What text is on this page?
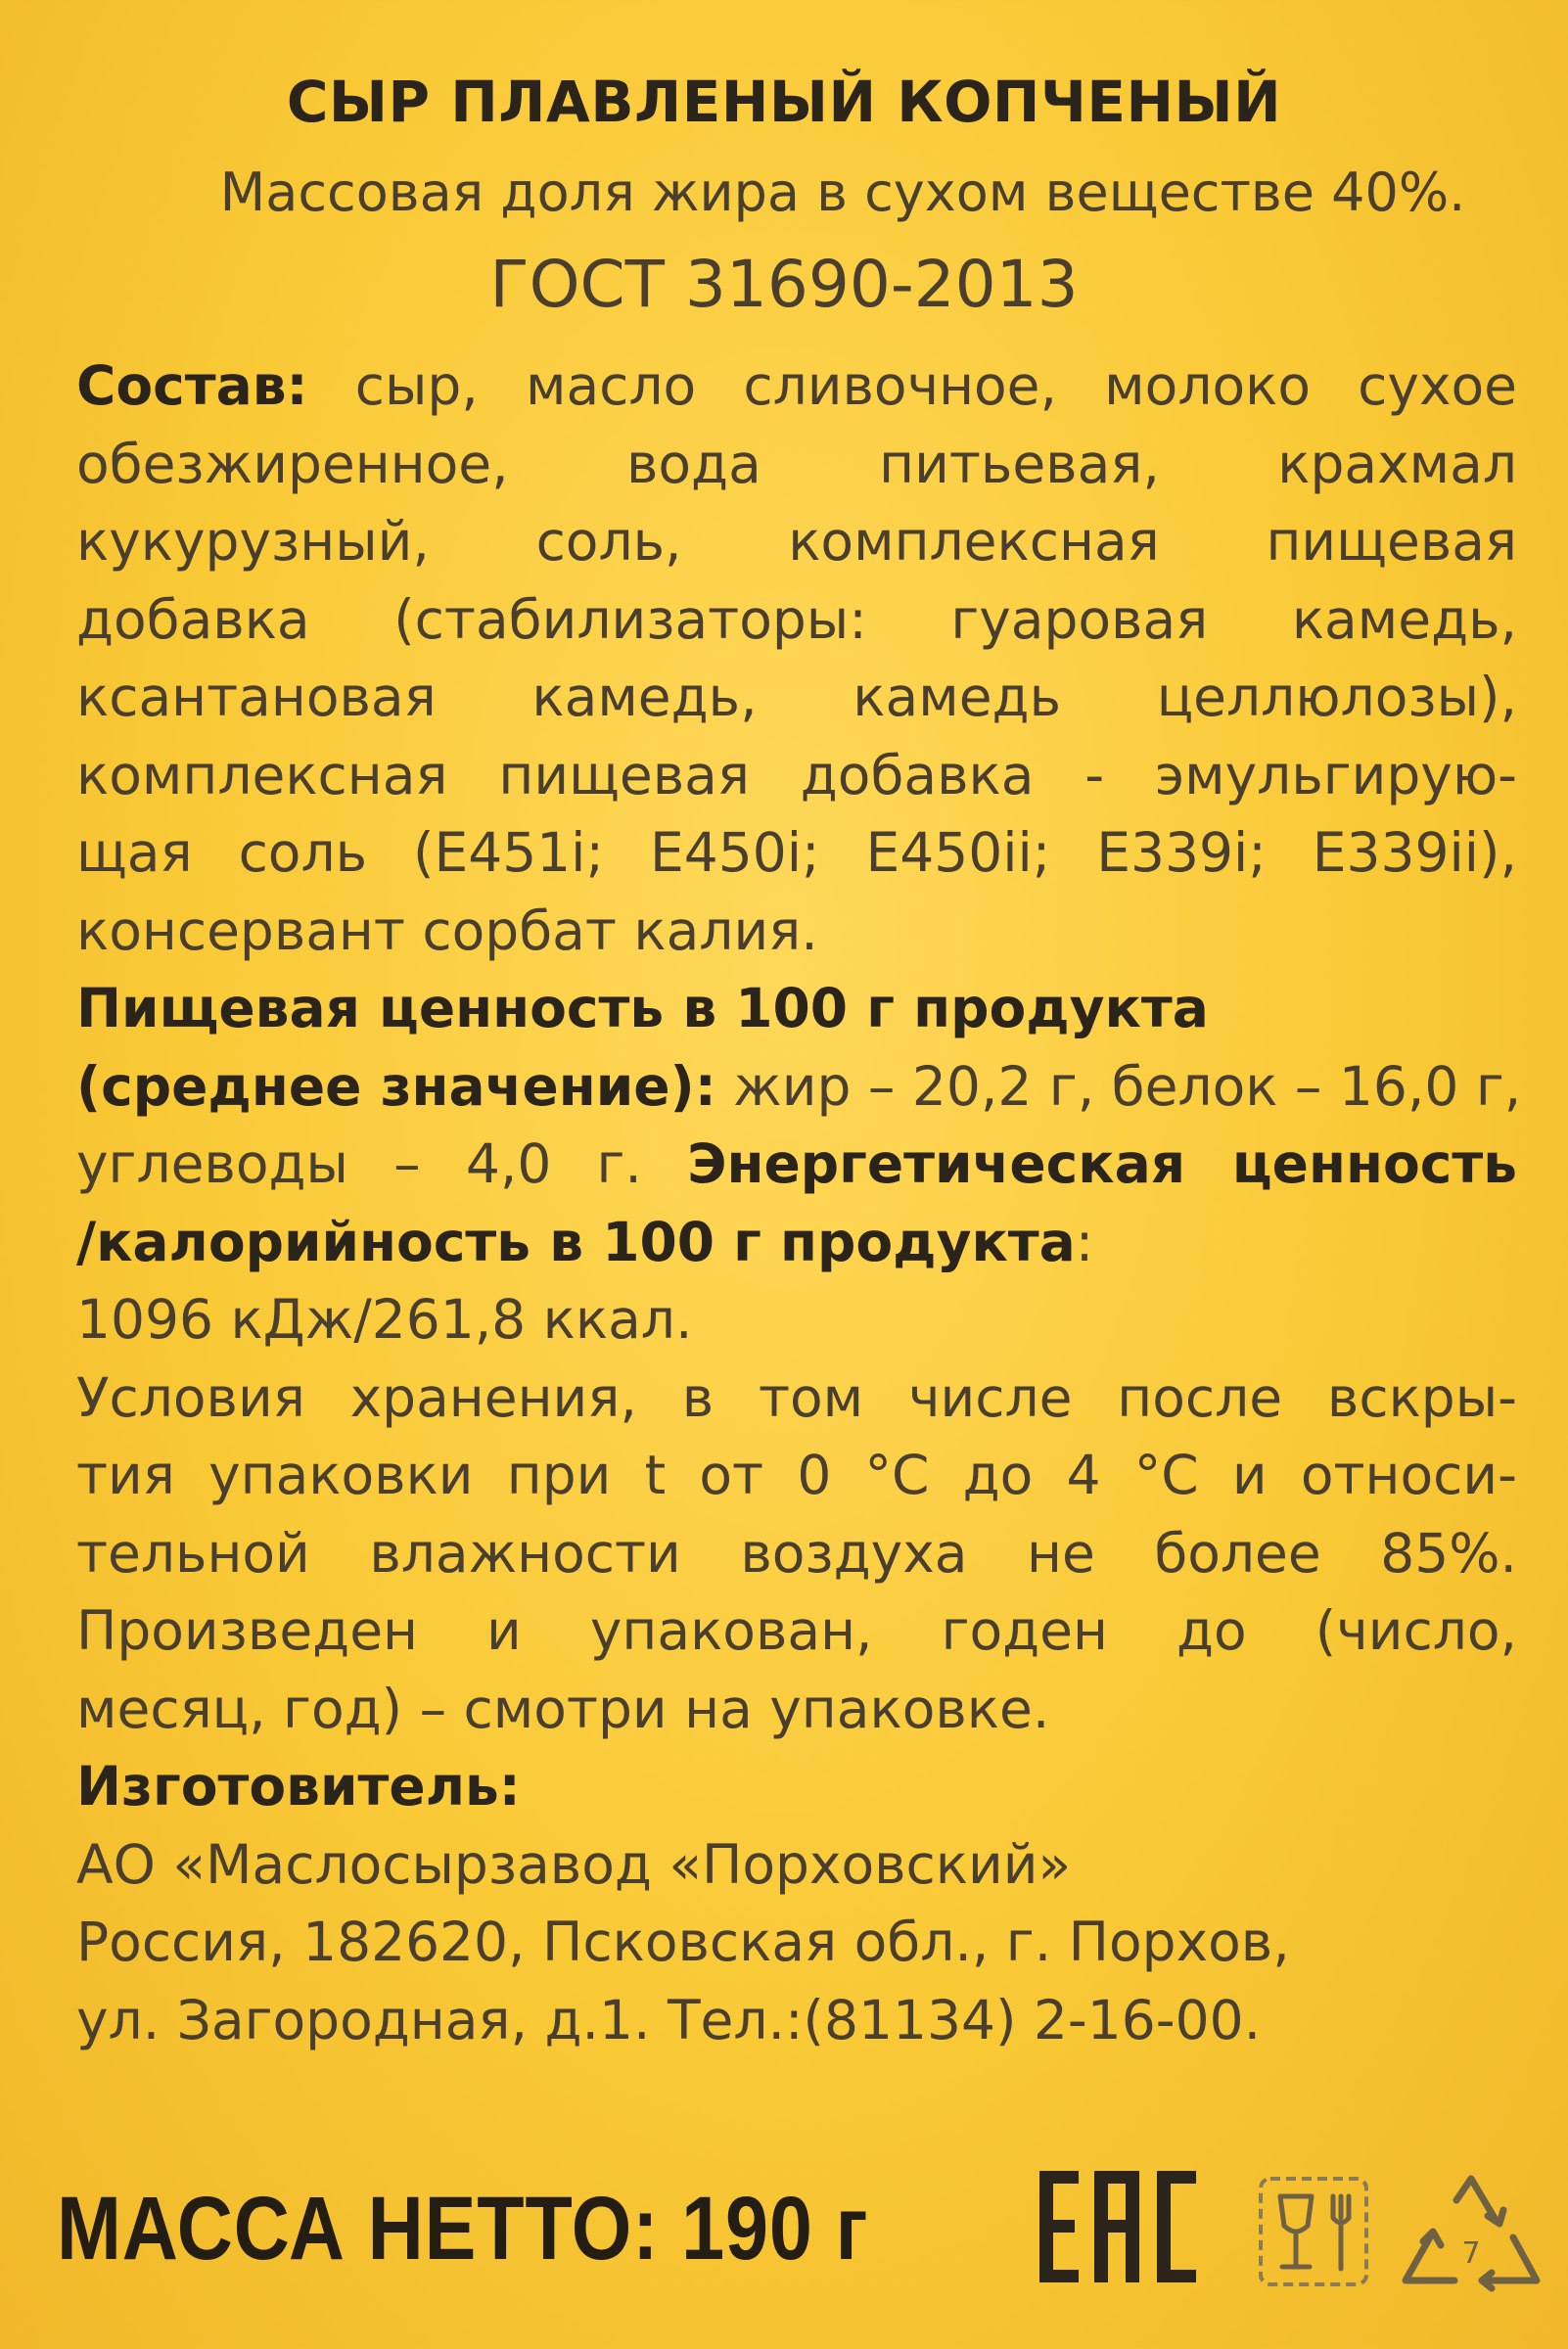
СЫР ПЛАВЛЕНЫЙ КОПЧЕНЫЙ
Массовая доля жира в сухом веществе 40%.
ГОСТ 31690-2013
Состав: сыр, масло сливочное, молоко сухое
обезжиренное, вода питьевая, крахмал
кукурузный, соль, комплексная пищевая
добавка (стабилизаторы: гуаровая камедь,
ксантановая камедь, камедь целлюлозы),
комплексная пищевая добавка - эмульгирую-
щая соль (E451i; E450i; E450ii; E339i; E339ii),
консервант сорбат калия.
Пищевая ценность в 100 г продукта
(среднее значение): жир – 20,2 г, белок – 16,0 г,
углеводы – 4,0 г. Энергетическая ценность
/калорийность в 100 г продукта:
1096 кДж/261,8 ккал.
Условия хранения, в том числе после вскры-
тия упаковки при t от 0 °C до 4 °C и относи-
тельной влажности воздуха не более 85%.
Произведен и упакован, годен до (число,
месяц, год) – смотри на упаковке.
Изготовитель:
АО «Маслосырзавод «Порховский»
Россия, 182620, Псковская обл., г. Порхов,
ул. Загородная, д.1. Тел.:(81134) 2-16-00.
МАССА НЕТТО: 190 г	7
